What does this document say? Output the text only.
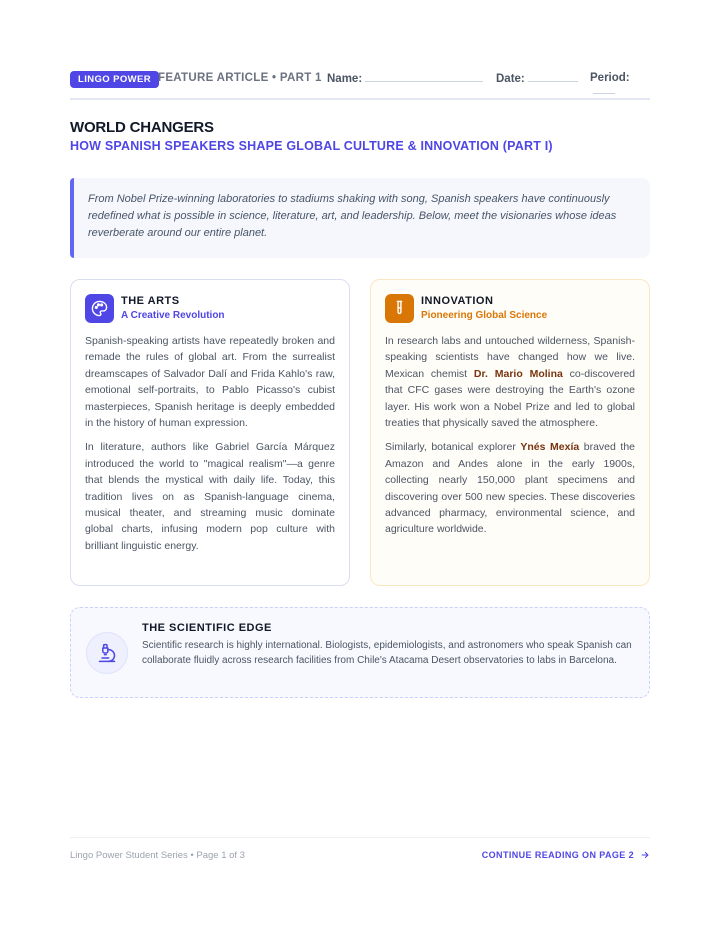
LINGO POWER FEATURE ARTICLE • PART 1 Name:	Date:	Period:
WORLD CHANGERS
HOW SPANISH SPEAKERS SHAPE GLOBAL CULTURE & INNOVATION (PART I)
From Nobel Prize-winning laboratories to stadiums shaking with song, Spanish speakers have continuously redefined what is possible in science, literature, art, and leadership. Below, meet the visionaries whose ideas reverberate around our entire planet.
THE ARTS
A Creative Revolution

Spanish-speaking artists have repeatedly broken and remade the rules of global art. From the surrealist dreamscapes of Salvador Dalí and Frida Kahlo's raw, emotional self-portraits, to Pablo Picasso's cubist masterpieces, Spanish heritage is deeply embedded in the history of human expression.

In literature, authors like Gabriel García Márquez introduced the world to "magical realism"—a genre that blends the mystical with daily life. Today, this tradition lives on as Spanish-language cinema, musical theater, and streaming music dominate global charts, infusing modern pop culture with brilliant linguistic energy.

INNOVATION
Pioneering Global Science

In research labs and untouched wilderness, Spanish-speaking scientists have changed how we live. Mexican chemist Dr. Mario Molina co-discovered that CFC gases were destroying the Earth's ozone layer. His work won a Nobel Prize and led to global treaties that physically saved the atmosphere.

Similarly, botanical explorer Ynés Mexía braved the Amazon and Andes alone in the early 1900s, collecting nearly 150,000 plant specimens and discovering over 500 new species. These discoveries advanced pharmacy, environmental science, and agriculture worldwide.

THE SCIENTIFIC EDGE
Scientific research is highly international. Biologists, epidemiologists, and astronomers who speak Spanish can collaborate fluidly across research facilities from Chile's Atacama Desert observatories to labs in Barcelona.
Lingo Power Student Series • Page 1 of 3	CONTINUE READING ON PAGE 2
